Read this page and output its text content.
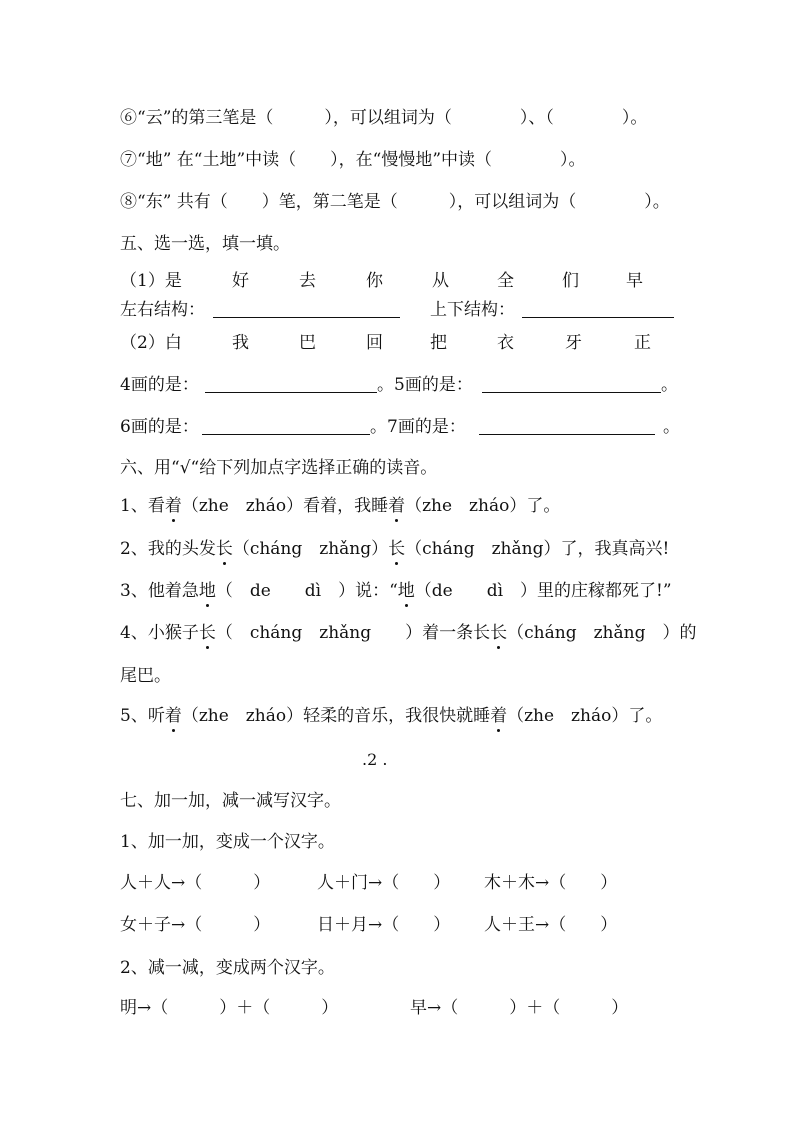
⑥“云”的第三笔是（　　　），可以组词为（　　　　）、（　　　　）。
⑦“地” 在“土地”中读（　　），在“慢慢地”中读（　　　　）。
⑧“东” 共有（　　）笔，第二笔是（　　　），可以组词为（　　　　）。
五、选一选，填一填。
（1）是	好	去	你	从	全	们	早
左右结构：	上下结构：
（2）白	我	巴	回	把	衣	牙	正
4画的是：	。5画的是：	。
6画的是：	。7画的是：	。
六、用“√“给下列加点字选择正确的读音。
1、看着（zhe　zháo）看着，我睡着（zhe　zháo）了。
2、我的头发长（cháng　zhǎng）长（cháng　zhǎng）了，我真高兴!
3、他着急地（　de　　dì　）说：“地（de　　dì　）里的庄稼都死了!”
4、小猴子长（　cháng　zhǎng　　）着一条长长（cháng　zhǎng　）的
尾巴。
5、听着（zhe　zháo）轻柔的音乐，我很快就睡着（zhe　zháo）了。
.2 .
七、加一加，减一减写汉字。
1、加一加，变成一个汉字。
人＋人→（　　　）	人＋门→（　　） 木＋木→（　　）
女＋子→（　　　）	日＋月→（　　） 人＋王→（　　）
2、减一减，变成两个汉字。
明→（　　　）＋（　　　）	早→（　　　）＋（　　　）
